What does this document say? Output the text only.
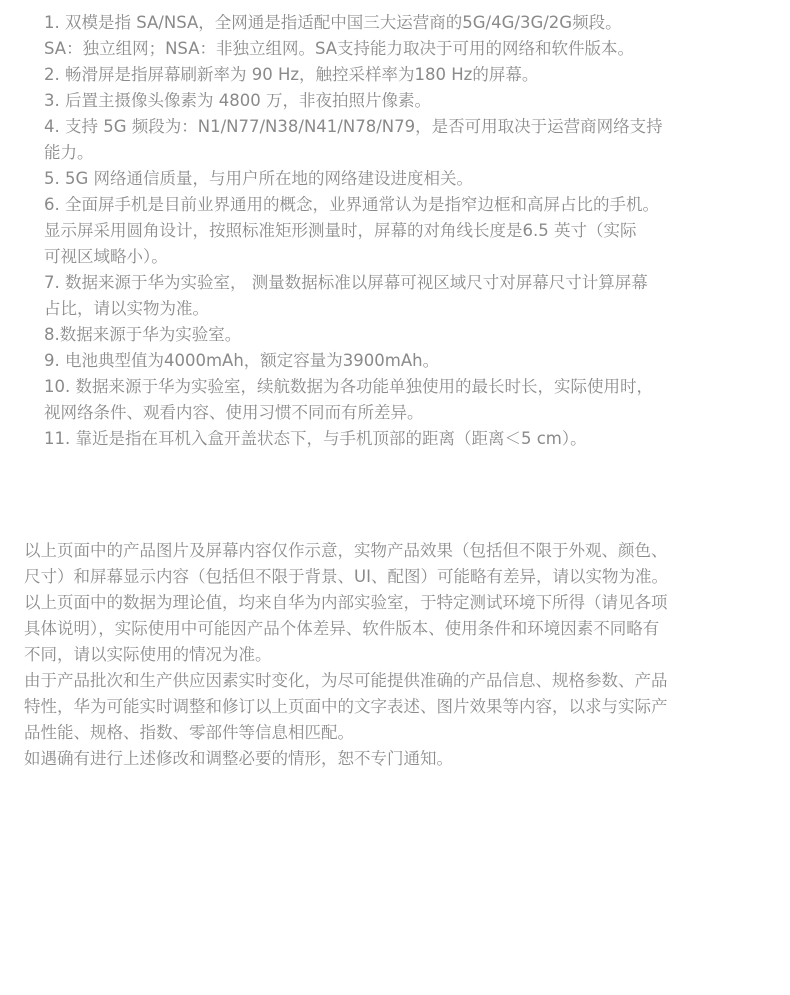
1. 双模是指 SA/NSA，全网通是指适配中国三大运营商的5G/4G/3G/2G频段。

SA：独立组网；NSA：非独立组网。SA支持能力取决于可用的网络和软件版本。

2. 畅滑屏是指屏幕刷新率为 90 Hz，触控采样率为180 Hz的屏幕。

3. 后置主摄像头像素为 4800 万，非夜拍照片像素。

4. 支持 5G 频段为：N1/N77/N38/N41/N78/N79，是否可用取决于运营商网络支持

能力。

5. 5G 网络通信质量，与用户所在地的网络建设进度相关。

6. 全面屏手机是目前业界通用的概念，业界通常认为是指窄边框和高屏占比的手机。

显示屏采用圆角设计，按照标准矩形测量时，屏幕的对角线长度是6.5 英寸（实际

可视区域略小）。

7. 数据来源于华为实验室， 测量数据标准以屏幕可视区域尺寸对屏幕尺寸计算屏幕

占比，请以实物为准。

8.数据来源于华为实验室。

9. 电池典型值为4000mAh，额定容量为3900mAh。

10. 数据来源于华为实验室，续航数据为各功能单独使用的最长时长，实际使用时，

视网络条件、观看内容、使用习惯不同而有所差异。

11. 靠近是指在耳机入盒开盖状态下，与手机顶部的距离（距离＜5 cm）。

以上页面中的产品图片及屏幕内容仅作示意，实物产品效果（包括但不限于外观、颜色、

尺寸）和屏幕显示内容（包括但不限于背景、UI、配图）可能略有差异，请以实物为准。

以上页面中的数据为理论值，均来自华为内部实验室，于特定测试环境下所得（请见各项

具体说明），实际使用中可能因产品个体差异、软件版本、使用条件和环境因素不同略有

不同，请以实际使用的情况为准。

由于产品批次和生产供应因素实时变化，为尽可能提供准确的产品信息、规格参数、产品

特性，华为可能实时调整和修订以上页面中的文字表述、图片效果等内容，以求与实际产

品性能、规格、指数、零部件等信息相匹配。

如遇确有进行上述修改和调整必要的情形，恕不专门通知。
